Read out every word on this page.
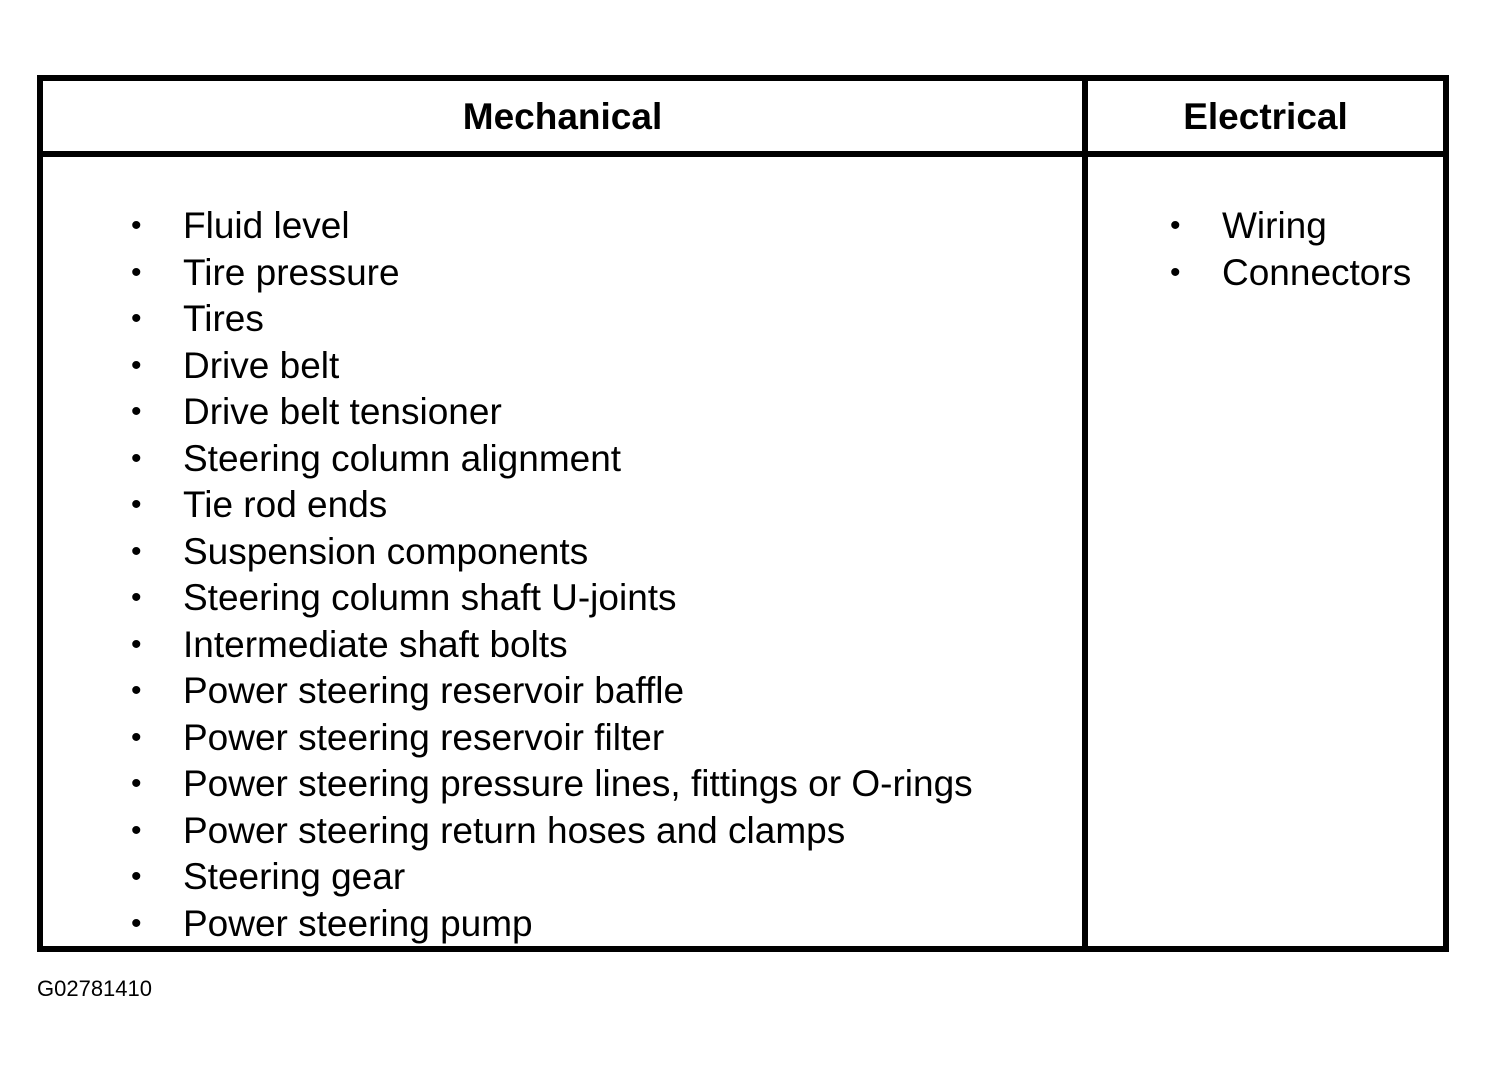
Mechanical	Electrical
• Fluid level
• Tire pressure
• Tires
• Drive belt
• Drive belt tensioner
• Steering column alignment
• Tie rod ends
• Suspension components
• Steering column shaft U-joints
• Intermediate shaft bolts
• Power steering reservoir baffle
• Power steering reservoir filter
• Power steering pressure lines, fittings or O-rings
• Power steering return hoses and clamps
• Steering gear
• Power steering pump
• Wiring
• Connectors
G02781410
